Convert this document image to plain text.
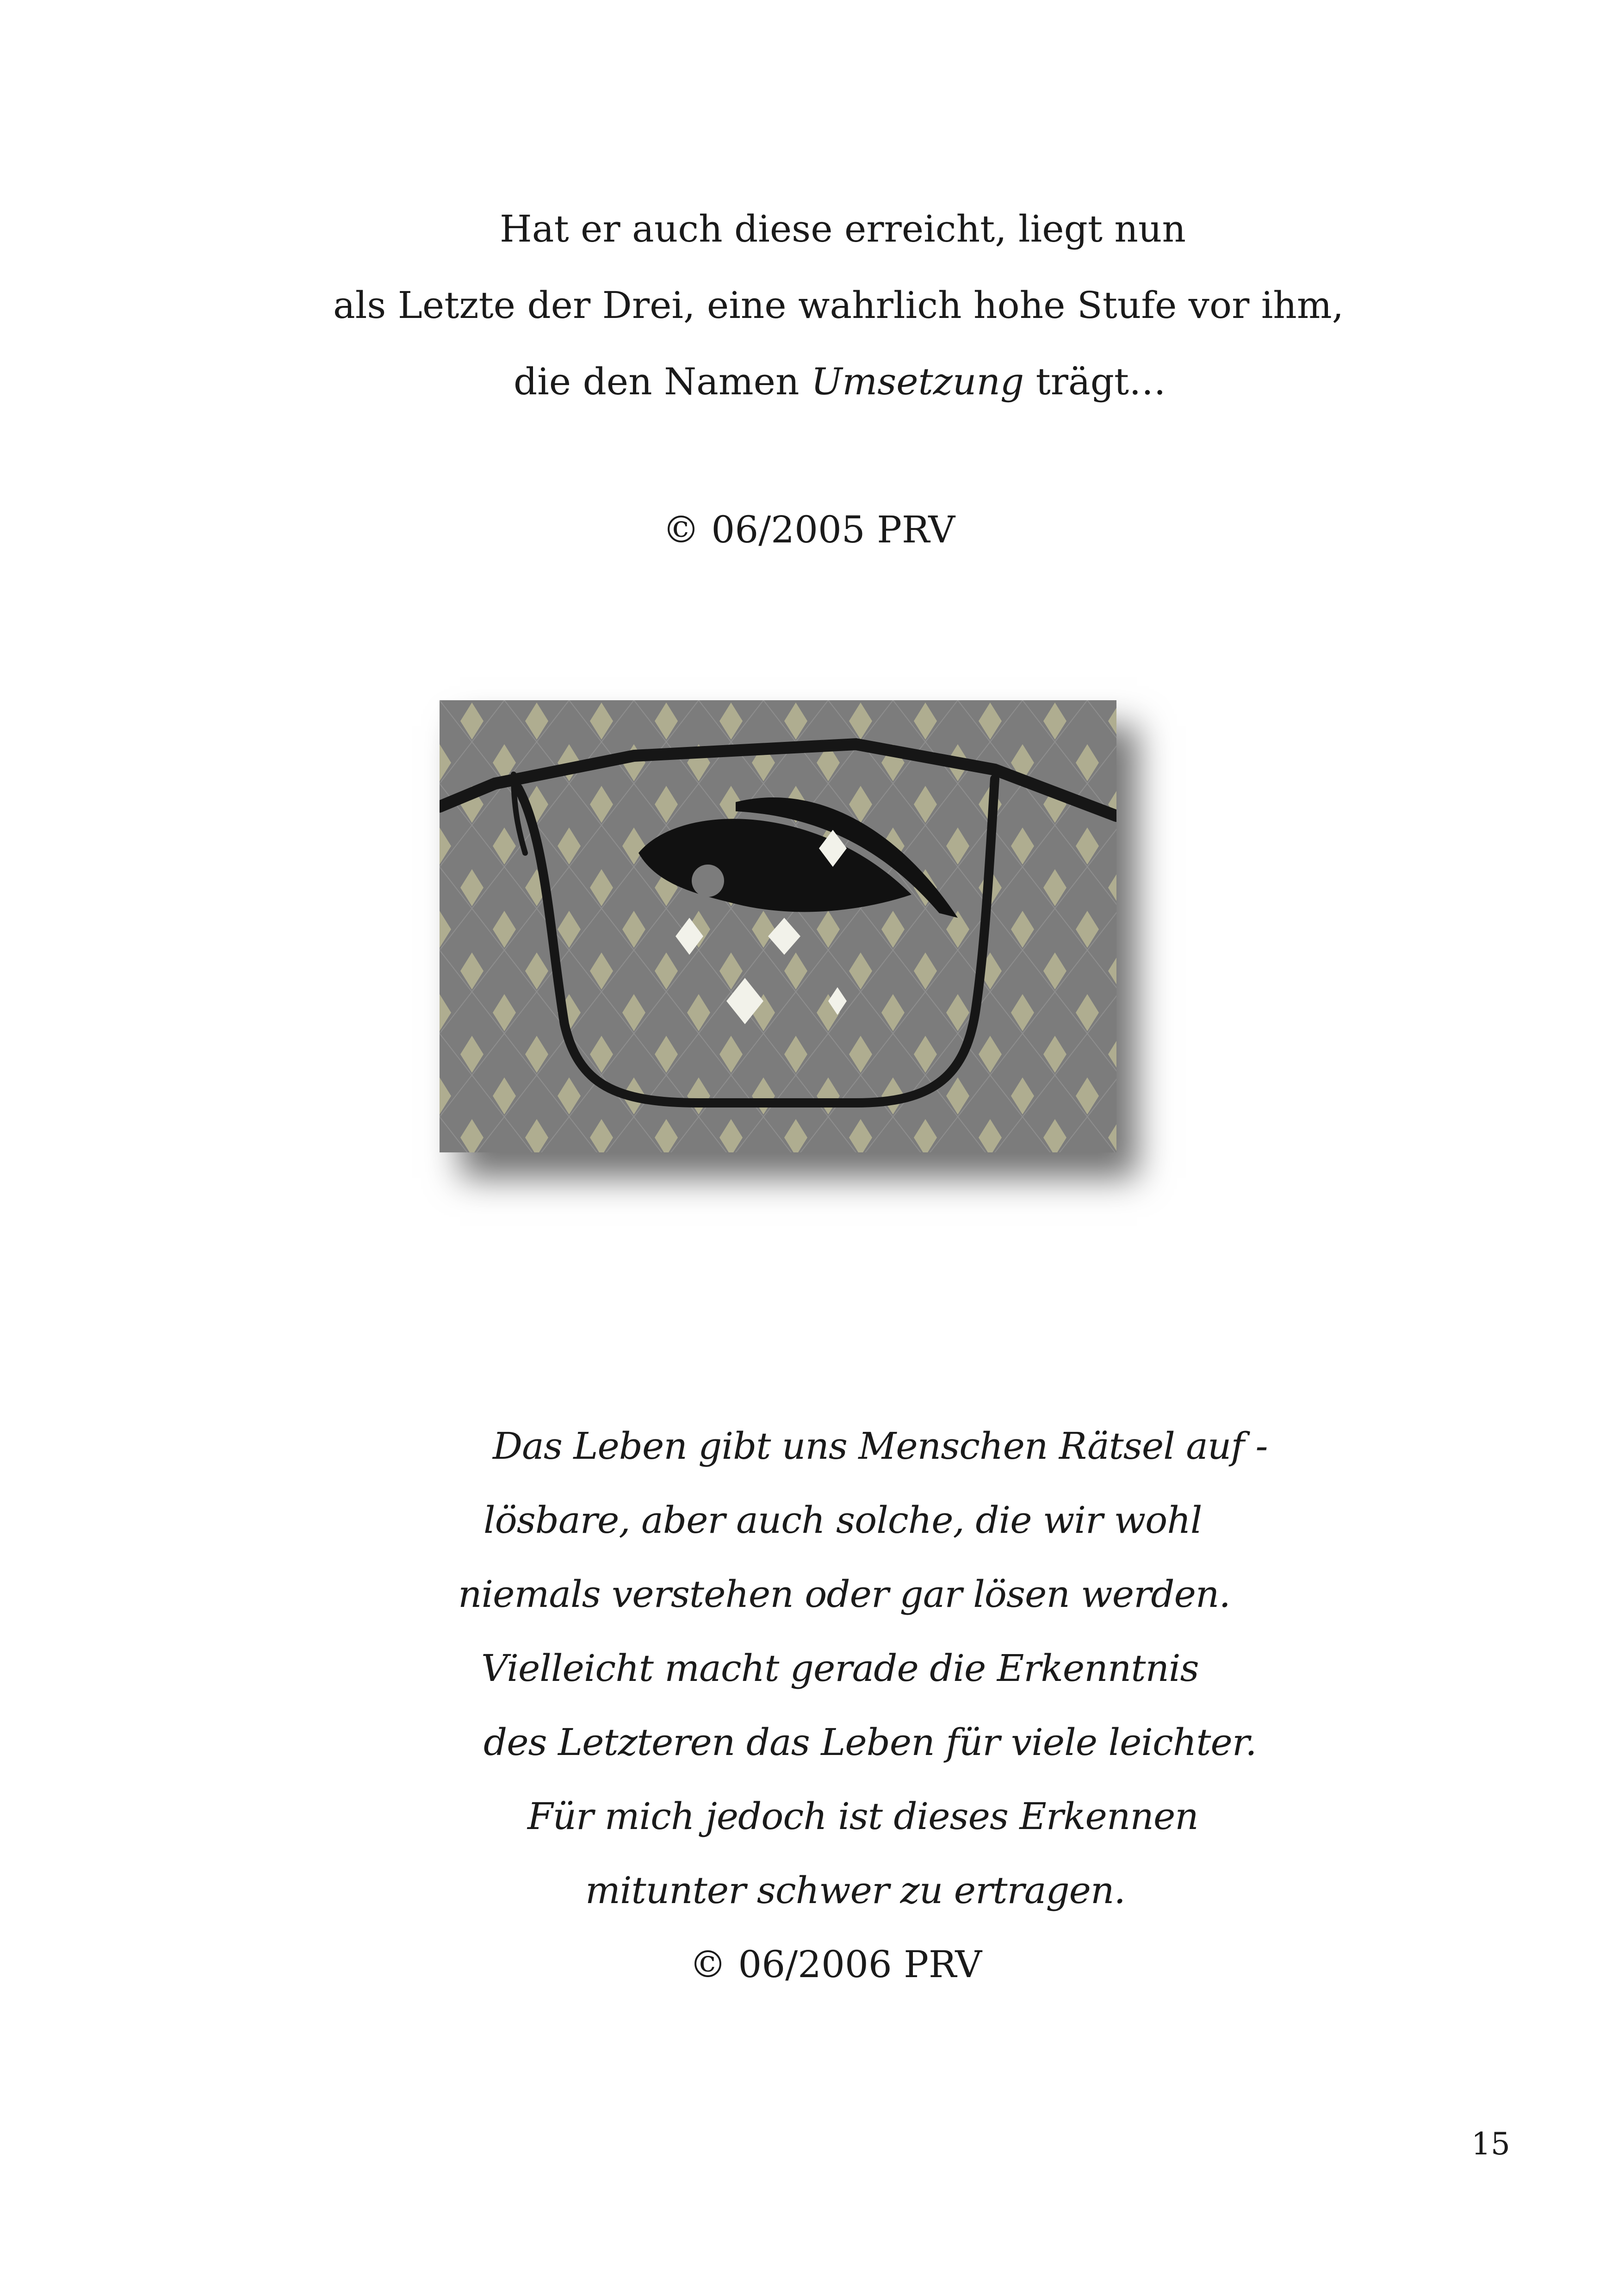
Hat er auch diese erreicht, liegt nun
als Letzte der Drei, eine wahrlich hohe Stufe vor ihm,
die den Namen Umsetzung trägt…
© 06/2005 PRV
Das Leben gibt uns Menschen Rätsel auf -
lösbare, aber auch solche, die wir wohl
niemals verstehen oder gar lösen werden.
Vielleicht macht gerade die Erkenntnis
des Letzteren das Leben für viele leichter.
Für mich jedoch ist dieses Erkennen
mitunter schwer zu ertragen.
© 06/2006 PRV
15
